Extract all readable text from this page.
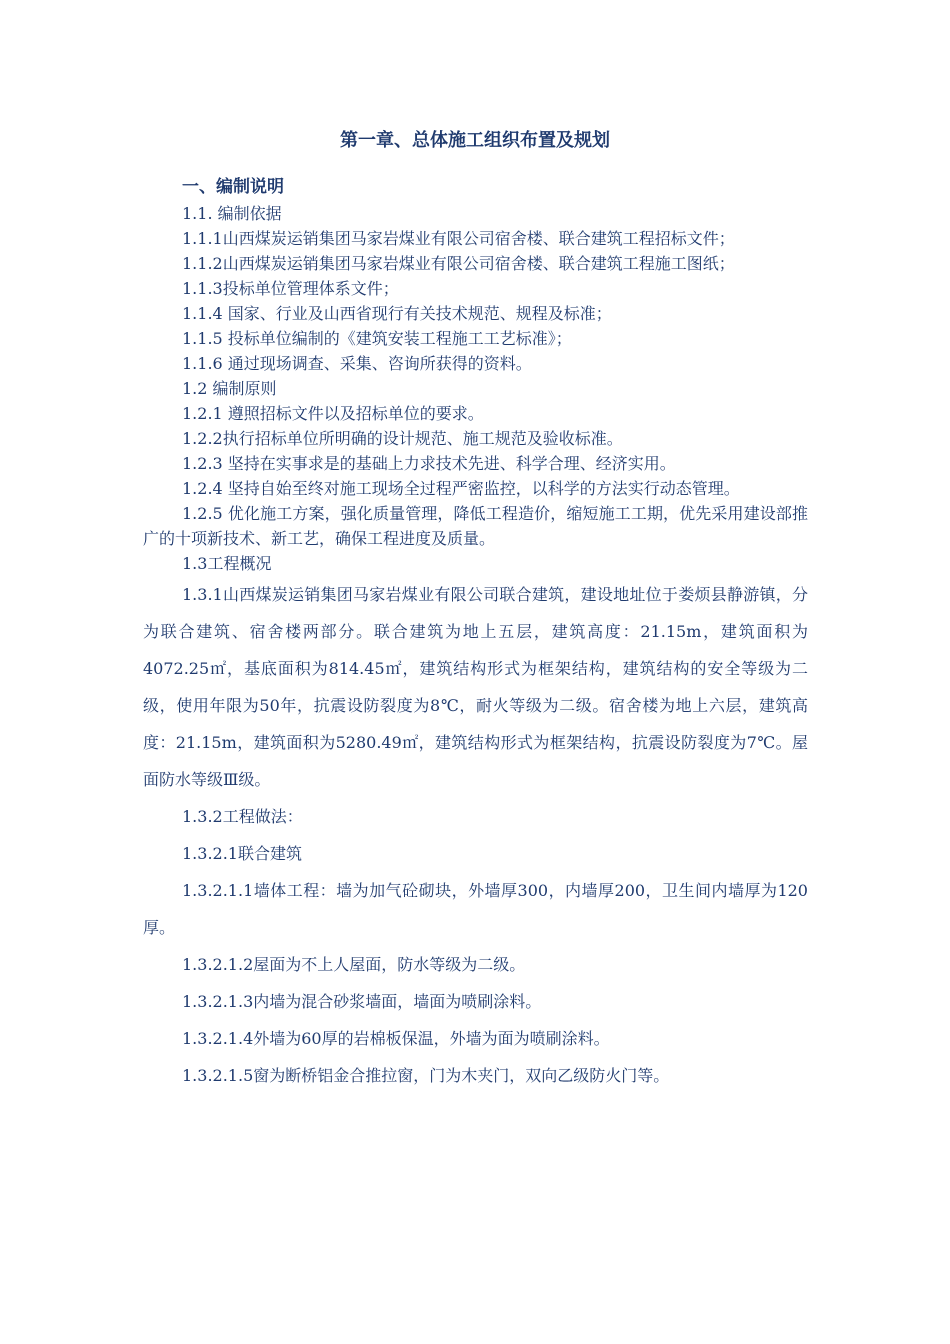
第一章、总体施工组织布置及规划

一、编制说明

1.1. 编制依据

1.1.1山西煤炭运销集团马家岩煤业有限公司宿舍楼、联合建筑工程招标文件；

1.1.2山西煤炭运销集团马家岩煤业有限公司宿舍楼、联合建筑工程施工图纸；

1.1.3投标单位管理体系文件；

1.1.4 国家、行业及山西省现行有关技术规范、规程及标准；

1.1.5 投标单位编制的《建筑安装工程施工工艺标准》；

1.1.6 通过现场调查、采集、咨询所获得的资料。

1.2 编制原则

1.2.1 遵照招标文件以及招标单位的要求。

1.2.2执行招标单位所明确的设计规范、施工规范及验收标准。

1.2.3 坚持在实事求是的基础上力求技术先进、科学合理、经济实用。

1.2.4 坚持自始至终对施工现场全过程严密监控，以科学的方法实行动态管理。

1.2.5 优化施工方案，强化质量管理，降低工程造价，缩短施工工期，优先采用建设部推广的十项新技术、新工艺，确保工程进度及质量。

1.3工程概况

1.3.1山西煤炭运销集团马家岩煤业有限公司联合建筑，建设地址位于娄烦县静游镇，分为联合建筑、宿舍楼两部分。联合建筑为地上五层，建筑高度：21.15m，建筑面积为4072.25㎡，基底面积为814.45㎡，建筑结构形式为框架结构，建筑结构的安全等级为二级，使用年限为50年，抗震设防裂度为8℃，耐火等级为二级。宿舍楼为地上六层，建筑高度：21.15m，建筑面积为5280.49㎡，建筑结构形式为框架结构，抗震设防裂度为7℃。屋面防水等级Ⅲ级。

1.3.2工程做法：

1.3.2.1联合建筑

1.3.2.1.1墙体工程：墙为加气砼砌块，外墙厚300，内墙厚200，卫生间内墙厚为120厚。

1.3.2.1.2屋面为不上人屋面，防水等级为二级。

1.3.2.1.3内墙为混合砂浆墙面，墙面为喷刷涂料。

1.3.2.1.4外墙为60厚的岩棉板保温，外墙为面为喷刷涂料。

1.3.2.1.5窗为断桥铝金合推拉窗，门为木夹门，双向乙级防火门等。
